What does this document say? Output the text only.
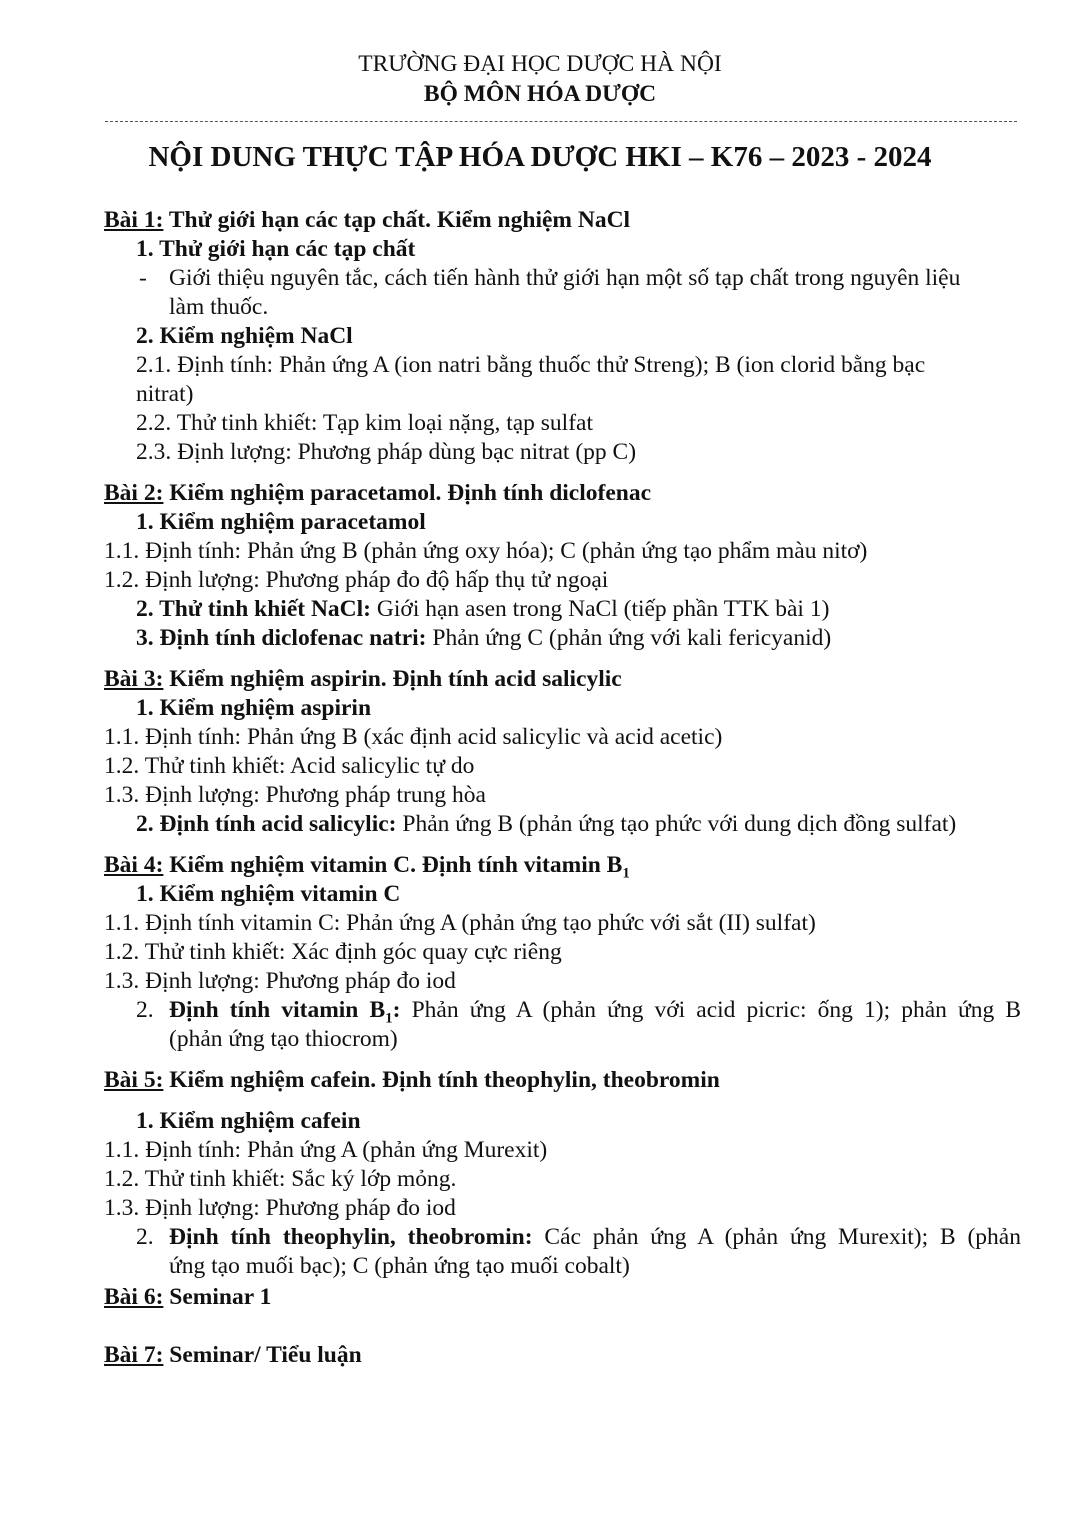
TRƯỜNG ĐẠI HỌC DƯỢC HÀ NỘI
BỘ MÔN HÓA DƯỢC
NỘI DUNG THỰC TẬP HÓA DƯỢC HKI – K76 – 2023 - 2024
Bài 1: Thử giới hạn các tạp chất. Kiểm nghiệm NaCl
1. Thử giới hạn các tạp chất
- Giới thiệu nguyên tắc, cách tiến hành thử giới hạn một số tạp chất trong nguyên liệu
làm thuốc.
2. Kiểm nghiệm NaCl
2.1. Định tính: Phản ứng A (ion natri bằng thuốc thử Streng); B (ion clorid bằng bạc
nitrat)
2.2. Thử tinh khiết: Tạp kim loại nặng, tạp sulfat
2.3. Định lượng: Phương pháp dùng bạc nitrat (pp C)
Bài 2: Kiểm nghiệm paracetamol. Định tính diclofenac
1. Kiểm nghiệm paracetamol
1.1. Định tính: Phản ứng B (phản ứng oxy hóa); C (phản ứng tạo phẩm màu nitơ)
1.2. Định lượng: Phương pháp đo độ hấp thụ tử ngoại
2. Thử tinh khiết NaCl: Giới hạn asen trong NaCl (tiếp phần TTK bài 1)
3. Định tính diclofenac natri: Phản ứng C (phản ứng với kali fericyanid)
Bài 3: Kiểm nghiệm aspirin. Định tính acid salicylic
1. Kiểm nghiệm aspirin
1.1. Định tính: Phản ứng B (xác định acid salicylic và acid acetic)
1.2. Thử tinh khiết: Acid salicylic tự do
1.3. Định lượng: Phương pháp trung hòa
2. Định tính acid salicylic: Phản ứng B (phản ứng tạo phức với dung dịch đồng sulfat)
Bài 4: Kiểm nghiệm vitamin C. Định tính vitamin $B_1$
1. Kiểm nghiệm vitamin C
1.1. Định tính vitamin C: Phản ứng A (phản ứng tạo phức với sắt (II) sulfat)
1.2. Thử tinh khiết: Xác định góc quay cực riêng
1.3. Định lượng: Phương pháp đo iod
2. Định tính vitamin $B_1$: Phản ứng A (phản ứng với acid picric: ống 1); phản ứng B
(phản ứng tạo thiocrom)
Bài 5: Kiểm nghiệm cafein. Định tính theophylin, theobromin
1. Kiểm nghiệm cafein
1.1. Định tính: Phản ứng A (phản ứng Murexit)
1.2. Thử tinh khiết: Sắc ký lớp mỏng.
1.3. Định lượng: Phương pháp đo iod
2. Định tính theophylin, theobromin: Các phản ứng A (phản ứng Murexit); B (phản
ứng tạo muối bạc); C (phản ứng tạo muối cobalt)
Bài 6: Seminar 1
Bài 7: Seminar/ Tiểu luận
